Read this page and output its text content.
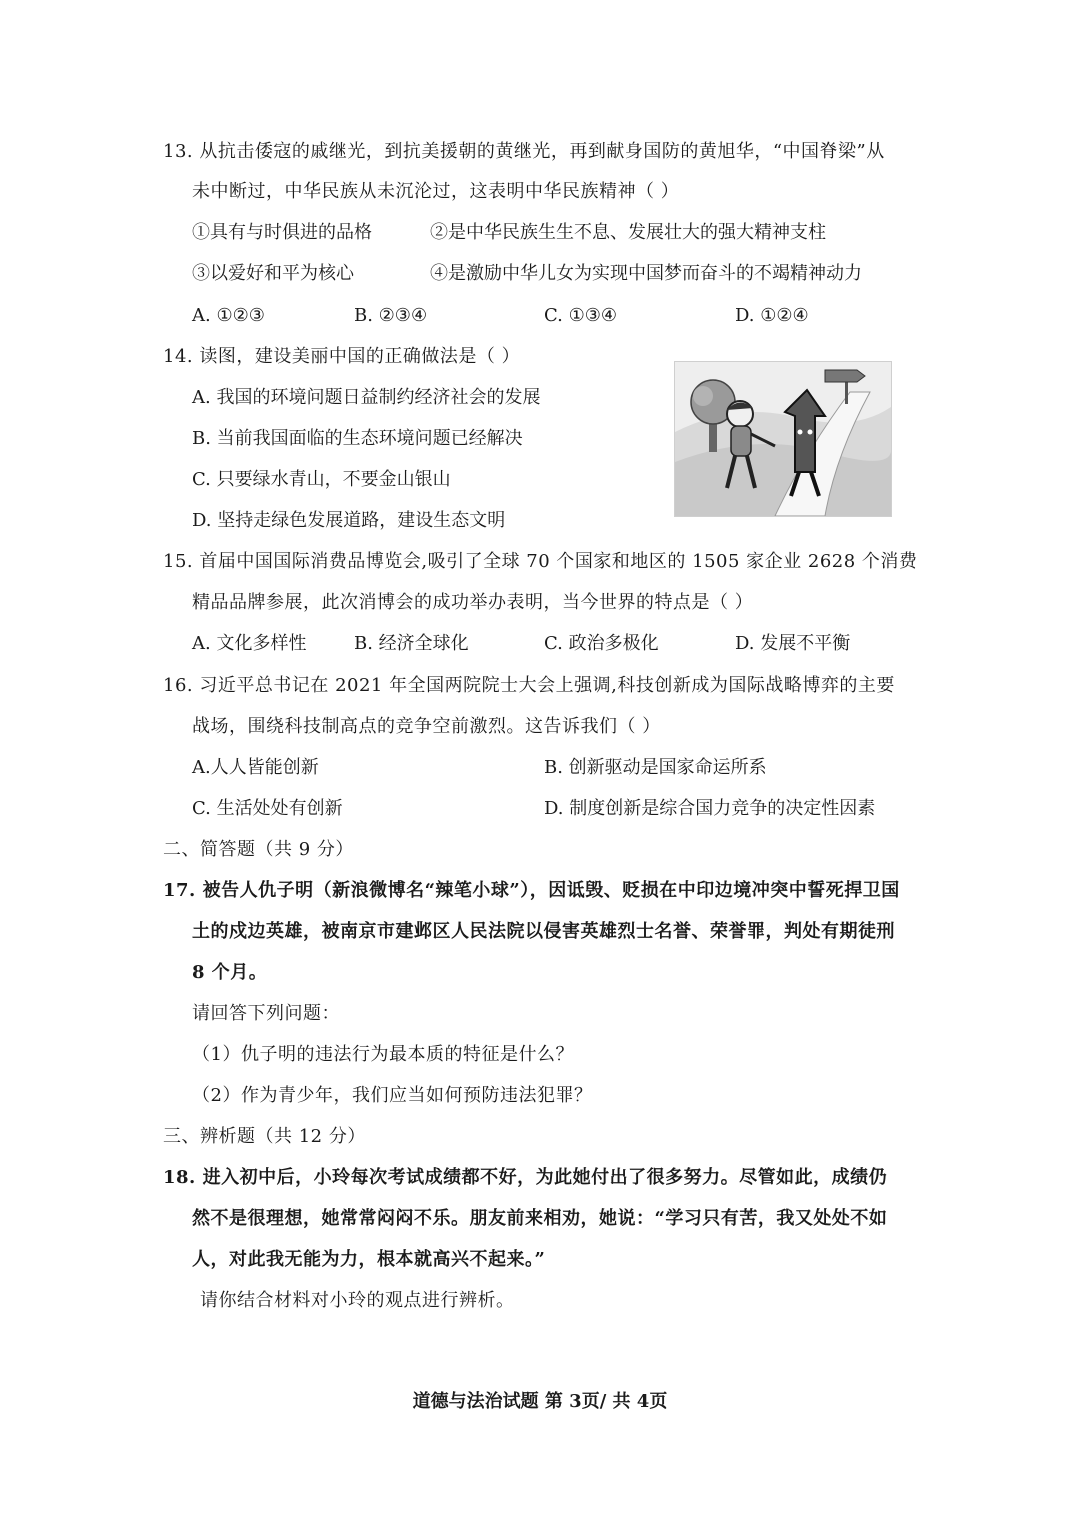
13. 从抗击倭寇的戚继光，到抗美援朝的黄继光，再到献身国防的黄旭华，“中国脊梁”从
未中断过，中华民族从未沉沦过，这表明中华民族精神（ ）
①具有与时俱进的品格	②是中华民族生生不息、发展壮大的强大精神支柱
③以爱好和平为核心	④是激励中华儿女为实现中国梦而奋斗的不竭精神动力
A. ①②③	B. ②③④	C. ①③④	D. ①②④
14. 读图，建设美丽中国的正确做法是（ ）
A. 我国的环境问题日益制约经济社会的发展
B. 当前我国面临的生态环境问题已经解决
C. 只要绿水青山，不要金山银山
D. 坚持走绿色发展道路，建设生态文明
15. 首届中国国际消费品博览会,吸引了全球 70 个国家和地区的 1505 家企业 2628 个消费
精品品牌参展，此次消博会的成功举办表明，当今世界的特点是（ ）
A. 文化多样性	B. 经济全球化	C. 政治多极化	D. 发展不平衡
16. 习近平总书记在 2021 年全国两院院士大会上强调,科技创新成为国际战略博弈的主要
战场，围绕科技制高点的竞争空前激烈。这告诉我们（ ）
A.人人皆能创新	B. 创新驱动是国家命运所系
C. 生活处处有创新	D. 制度创新是综合国力竞争的决定性因素
二、简答题（共 9 分）
17. 被告人仇子明（新浪微博名“辣笔小球”），因诋毁、贬损在中印边境冲突中誓死捍卫国
土的戍边英雄，被南京市建邺区人民法院以侵害英雄烈士名誉、荣誉罪，判处有期徒刑
8 个月。
请回答下列问题：
（1）仇子明的违法行为最本质的特征是什么？
（2）作为青少年，我们应当如何预防违法犯罪？
三、辨析题（共 12 分）
18. 进入初中后，小玲每次考试成绩都不好，为此她付出了很多努力。尽管如此，成绩仍
然不是很理想，她常常闷闷不乐。朋友前来相劝，她说：“学习只有苦，我又处处不如
人，对此我无能为力，根本就高兴不起来。”
请你结合材料对小玲的观点进行辨析。
道德与法治试题 第 3页/ 共 4页
